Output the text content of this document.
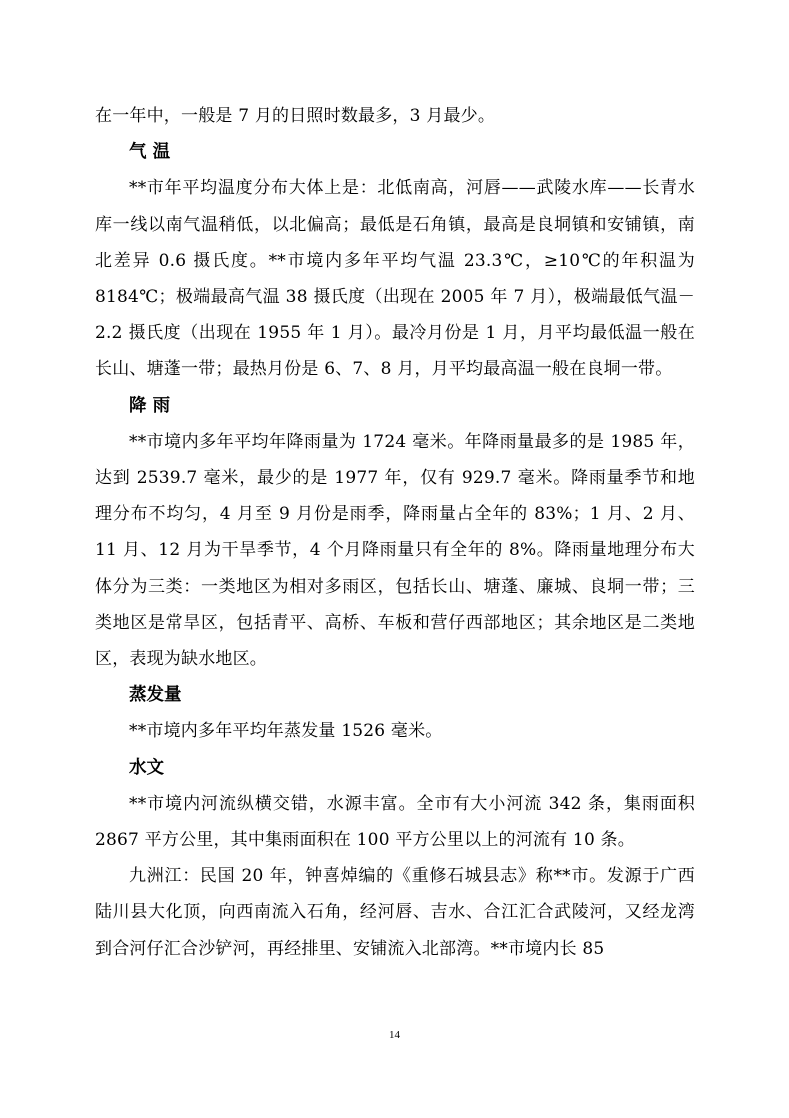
在一年中，一般是 7 月的日照时数最多，3 月最少。

气 温

**市年平均温度分布大体上是：北低南高，河唇——武陵水库——长青水库一线以南气温稍低，以北偏高；最低是石角镇，最高是良垌镇和安铺镇，南北差异 0.6 摄氏度。**市境内多年平均气温 23.3℃，≥10℃的年积温为 8184℃；极端最高气温 38 摄氏度（出现在 2005 年 7 月），极端最低气温－2.2 摄氏度（出现在 1955 年 1 月）。最冷月份是 1 月，月平均最低温一般在长山、塘蓬一带；最热月份是 6、7、8 月，月平均最高温一般在良垌一带。

降 雨

**市境内多年平均年降雨量为 1724 毫米。年降雨量最多的是 1985 年，达到 2539.7 毫米，最少的是 1977 年，仅有 929.7 毫米。降雨量季节和地理分布不均匀，4 月至 9 月份是雨季，降雨量占全年的 83%；1 月、2 月、11 月、12 月为干旱季节，4 个月降雨量只有全年的 8%。降雨量地理分布大体分为三类：一类地区为相对多雨区，包括长山、塘蓬、廉城、良垌一带；三类地区是常旱区，包括青平、高桥、车板和营仔西部地区；其余地区是二类地区，表现为缺水地区。

蒸发量

**市境内多年平均年蒸发量 1526 毫米。

水文

**市境内河流纵横交错，水源丰富。全市有大小河流 342 条，集雨面积 2867 平方公里，其中集雨面积在 100 平方公里以上的河流有 10 条。

九洲江：民国 20 年，钟喜焯编的《重修石城县志》称**市。发源于广西陆川县大化顶，向西南流入石角，经河唇、吉水、合江汇合武陵河，又经龙湾到合河仔汇合沙铲河，再经排里、安铺流入北部湾。**市境内长 85

14
